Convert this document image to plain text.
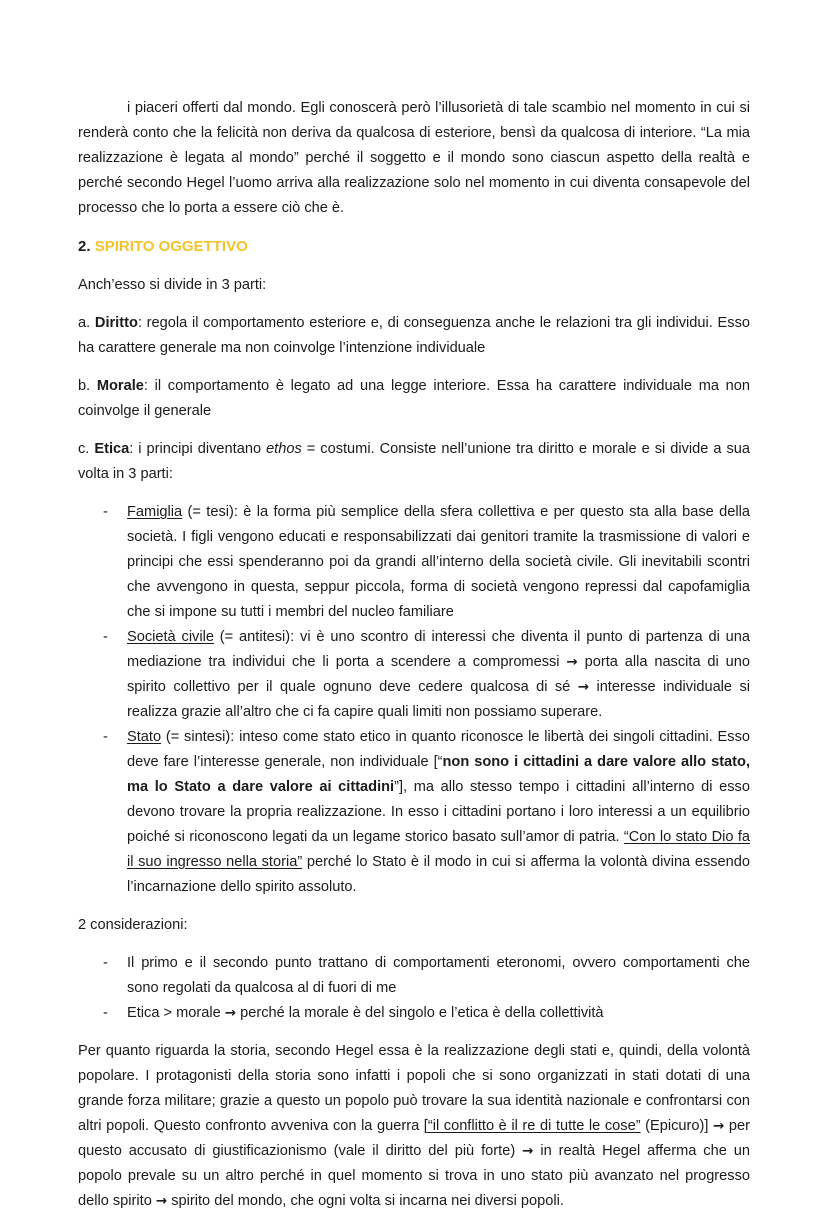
i piaceri offerti dal mondo. Egli conoscerà però l’illusorietà di tale scambio nel momento in cui si renderà conto che la felicità non deriva da qualcosa di esteriore, bensì da qualcosa di interiore. “La mia realizzazione è legata al mondo” perché il soggetto e il mondo sono ciascun aspetto della realtà e perché secondo Hegel l’uomo arriva alla realizzazione solo nel momento in cui diventa consapevole del processo che lo porta a essere ciò che è.

2. SPIRITO OGGETTIVO

Anch’esso si divide in 3 parti:

a. Diritto: regola il comportamento esteriore e, di conseguenza anche le relazioni tra gli individui. Esso ha carattere generale ma non coinvolge l’intenzione individuale

b. Morale: il comportamento è legato ad una legge interiore. Essa ha carattere individuale ma non coinvolge il generale

c. Etica: i principi diventano ethos = costumi. Consiste nell’unione tra diritto e morale e si divide a sua volta in 3 parti:

- Famiglia (= tesi): è la forma più semplice della sfera collettiva e per questo sta alla base della società. I figli vengono educati e responsabilizzati dai genitori tramite la trasmissione di valori e principi che essi spenderanno poi da grandi all’interno della società civile. Gli inevitabili scontri che avvengono in questa, seppur piccola, forma di società vengono repressi dal capofamiglia che si impone su tutti i membri del nucleo familiare
- Società civile (= antitesi): vi è uno scontro di interessi che diventa il punto di partenza di una mediazione tra individui che li porta a scendere a compromessi → porta alla nascita di uno spirito collettivo per il quale ognuno deve cedere qualcosa di sé → interesse individuale si realizza grazie all’altro che ci fa capire quali limiti non possiamo superare.
- Stato (= sintesi): inteso come stato etico in quanto riconosce le libertà dei singoli cittadini. Esso deve fare l’interesse generale, non individuale [“non sono i cittadini a dare valore allo stato, ma lo Stato a dare valore ai cittadini”], ma allo stesso tempo i cittadini all’interno di esso devono trovare la propria realizzazione. In esso i cittadini portano i loro interessi a un equilibrio poiché si riconoscono legati da un legame storico basato sull’amor di patria. “Con lo stato Dio fa il suo ingresso nella storia” perché lo Stato è il modo in cui si afferma la volontà divina essendo l’incarnazione dello spirito assoluto.

2 considerazioni:

- Il primo e il secondo punto trattano di comportamenti eteronomi, ovvero comportamenti che sono regolati da qualcosa al di fuori di me
- Etica > morale → perché la morale è del singolo e l’etica è della collettività

Per quanto riguarda la storia, secondo Hegel essa è la realizzazione degli stati e, quindi, della volontà popolare. I protagonisti della storia sono infatti i popoli che si sono organizzati in stati dotati di una grande forza militare; grazie a questo un popolo può trovare la sua identità nazionale e confrontarsi con altri popoli. Questo confronto avveniva con la guerra [“il conflitto è il re di tutte le cose” (Epicuro)] → per questo accusato di giustificazionismo (vale il diritto del più forte) → in realtà Hegel afferma che un popolo prevale su un altro perché in quel momento si trova in uno stato più avanzato nel progresso dello spirito → spirito del mondo, che ogni volta si incarna nei diversi popoli.
